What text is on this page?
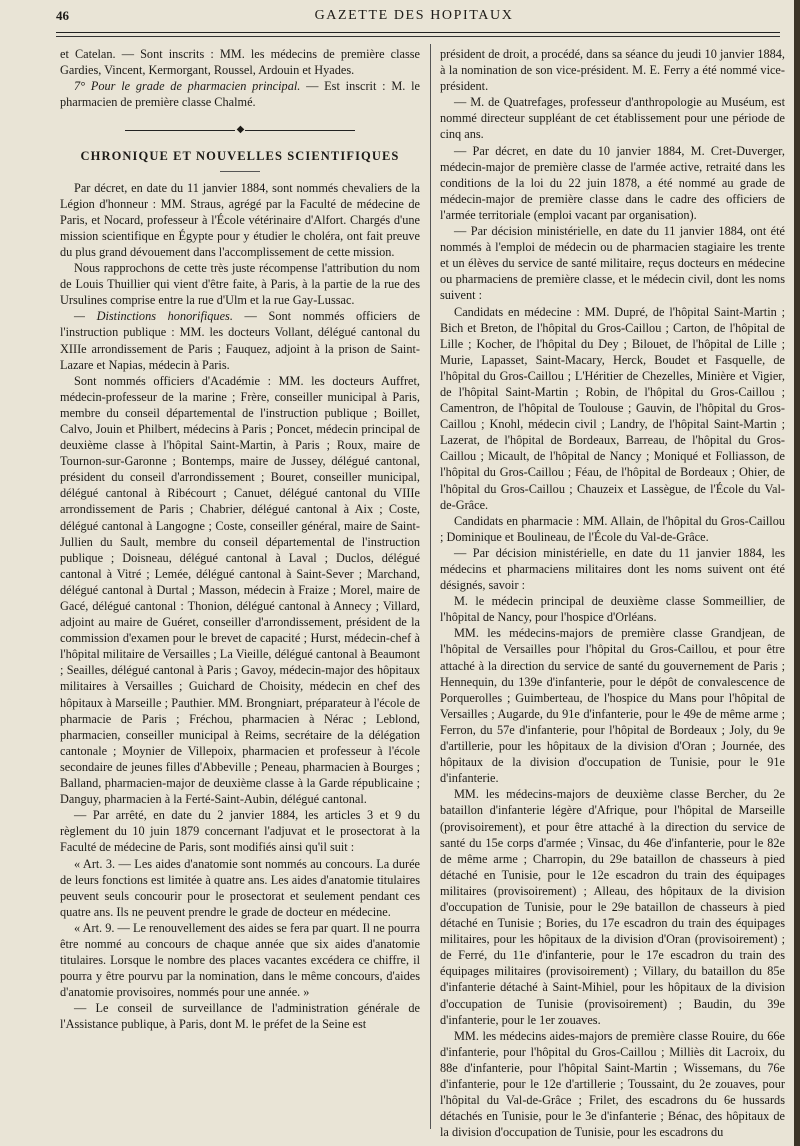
46	GAZETTE DES HOPITAUX

et Catelan. — Sont inscrits : MM. les médecins de première classe Gardies, Vincent, Kermorgant, Roussel, Ardouin et Hyades.

7° Pour le grade de pharmacien principal. — Est inscrit : M. le pharmacien de première classe Chalmé.

◆
CHRONIQUE ET NOUVELLES SCIENTIFIQUES

Par décret, en date du 11 janvier 1884, sont nommés chevaliers de la Légion d'honneur : MM. Straus, agrégé par la Faculté de médecine de Paris, et Nocard, professeur à l'École vétérinaire d'Alfort. Chargés d'une mission scientifique en Égypte pour y étudier le choléra, ont fait preuve du plus grand dévouement dans l'accomplissement de cette mission.

Nous rapprochons de cette très juste récompense l'attribution du nom de Louis Thuillier qui vient d'être faite, à Paris, à la partie de la rue des Ursulines comprise entre la rue d'Ulm et la rue Gay-Lussac.

— Distinctions honorifiques. — Sont nommés officiers de l'instruction publique : MM. les docteurs Vollant, délégué cantonal du XIIIe arrondissement de Paris ; Fauquez, adjoint à la prison de Saint-Lazare et Napias, médecin à Paris.

Sont nommés officiers d'Académie : MM. les docteurs Auffret, médecin-professeur de la marine ; Frère, conseiller municipal à Paris, membre du conseil départemental de l'instruction publique ; Boillet, Calvo, Jouin et Philbert, médecins à Paris ; Poncet, médecin principal de deuxième classe à l'hôpital Saint-Martin, à Paris ; Roux, maire de Tournon-sur-Garonne ; Bontemps, maire de Jussey, délégué cantonal, président du conseil d'arrondissement ; Bouret, conseiller municipal, délégué cantonal à Ribécourt ; Canuet, délégué cantonal du VIIIe arrondissement de Paris ; Chabrier, délégué cantonal à Aix ; Coste, délégué cantonal à Langogne ; Coste, conseiller général, maire de Saint-Jullien du Sault, membre du conseil départemental de l'instruction publique ; Doisneau, délégué cantonal à Laval ; Duclos, délégué cantonal à Vitré ; Lemée, délégué cantonal à Saint-Sever ; Marchand, délégué cantonal à Durtal ; Masson, médecin à Fraize ; Morel, maire de Gacé, délégué cantonal : Thonion, délégué cantonal à Annecy ; Villard, adjoint au maire de Guéret, conseiller d'arrondissement, président de la commission d'examen pour le brevet de capacité ; Hurst, médecin-chef à l'hôpital militaire de Versailles ; La Vieille, délégué cantonal à Beaumont ; Seailles, délégué cantonal à Paris ; Gavoy, médecin-major des hôpitaux militaires à Versailles ; Guichard de Choisity, médecin en chef des hôpitaux à Marseille ; Pauthier. MM. Brongniart, préparateur à l'école de pharmacie de Paris ; Fréchou, pharmacien à Nérac ; Leblond, pharmacien, conseiller municipal à Reims, secrétaire de la délégation cantonale ; Moynier de Villepoix, pharmacien et professeur à l'école secondaire de jeunes filles d'Abbeville ; Peneau, pharmacien à Bourges ; Balland, pharmacien-major de deuxième classe à la Garde républicaine ; Danguy, pharmacien à la Ferté-Saint-Aubin, délégué cantonal.

— Par arrêté, en date du 2 janvier 1884, les articles 3 et 9 du règlement du 10 juin 1879 concernant l'adjuvat et le prosectorat à la Faculté de médecine de Paris, sont modifiés ainsi qu'il suit :

« Art. 3. — Les aides d'anatomie sont nommés au concours. La durée de leurs fonctions est limitée à quatre ans. Les aides d'anatomie titulaires peuvent seuls concourir pour le prosectorat et seulement pendant ces quatre ans. Ils ne peuvent prendre le grade de docteur en médecine.

« Art. 9. — Le renouvellement des aides se fera par quart. Il ne pourra être nommé au concours de chaque année que six aides d'anatomie titulaires. Lorsque le nombre des places vacantes excédera ce chiffre, il pourra y être pourvu par la nomination, dans le même concours, d'aides d'anatomie provisoires, nommés pour une année. »

— Le conseil de surveillance de l'administration générale de l'Assistance publique, à Paris, dont M. le préfet de la Seine est

président de droit, a procédé, dans sa séance du jeudi 10 janvier 1884, à la nomination de son vice-président. M. E. Ferry a été nommé vice-président.

— M. de Quatrefages, professeur d'anthropologie au Muséum, est nommé directeur suppléant de cet établissement pour une période de cinq ans.

— Par décret, en date du 10 janvier 1884, M. Cret-Duverger, médecin-major de première classe de l'armée active, retraité dans les conditions de la loi du 22 juin 1878, a été nommé au grade de médecin-major de première classe dans le cadre des officiers de l'armée territoriale (emploi vacant par organisation).

— Par décision ministérielle, en date du 11 janvier 1884, ont été nommés à l'emploi de médecin ou de pharmacien stagiaire les trente et un élèves du service de santé militaire, reçus docteurs en médecine ou pharmaciens de première classe, et le médecin civil, dont les noms suivent :

Candidats en médecine : MM. Dupré, de l'hôpital Saint-Martin ; Bich et Breton, de l'hôpital du Gros-Caillou ; Carton, de l'hôpital de Lille ; Kocher, de l'hôpital du Dey ; Bilouet, de l'hôpital de Lille ; Murie, Lapasset, Saint-Macary, Herck, Boudet et Fasquelle, de l'hôpital du Gros-Caillou ; L'Héritier de Chezelles, Minière et Vigier, de l'hôpital Saint-Martin ; Robin, de l'hôpital du Gros-Caillou ; Camentron, de l'hôpital de Toulouse ; Gauvin, de l'hôpital du Gros-Caillou ; Knohl, médecin civil ; Landry, de l'hôpital Saint-Martin ; Lazerat, de l'hôpital de Bordeaux, Barreau, de l'hôpital du Gros-Caillou ; Micault, de l'hôpital de Nancy ; Moniqué et Folliasson, de l'hôpital du Gros-Caillou ; Féau, de l'hôpital de Bordeaux ; Ohier, de l'hôpital du Gros-Caillou ; Chauzeix et Lassègue, de l'École du Val-de-Grâce.

Candidats en pharmacie : MM. Allain, de l'hôpital du Gros-Caillou ; Dominique et Boulineau, de l'École du Val-de-Grâce.

— Par décision ministérielle, en date du 11 janvier 1884, les médecins et pharmaciens militaires dont les noms suivent ont été désignés, savoir :

M. le médecin principal de deuxième classe Sommeillier, de l'hôpital de Nancy, pour l'hospice d'Orléans.

MM. les médecins-majors de première classe Grandjean, de l'hôpital de Versailles pour l'hôpital du Gros-Caillou, et pour être attaché à la direction du service de santé du gouvernement de Paris ; Hennequin, du 139e d'infanterie, pour le dépôt de convalescence de Porquerolles ; Guimberteau, de l'hospice du Mans pour l'hôpital de Versailles ; Augarde, du 91e d'infanterie, pour le 49e de même arme ; Ferron, du 57e d'infanterie, pour l'hôpital de Bordeaux ; Joly, du 9e d'artillerie, pour les hôpitaux de la division d'Oran ; Journée, des hôpitaux de la division d'occupation de Tunisie, pour le 91e d'infanterie.

MM. les médecins-majors de deuxième classe Bercher, du 2e bataillon d'infanterie légère d'Afrique, pour l'hôpital de Marseille (provisoirement), et pour être attaché à la direction du service de santé du 15e corps d'armée ; Vinsac, du 46e d'infanterie, pour le 82e de même arme ; Charropin, du 29e bataillon de chasseurs à pied détaché en Tunisie, pour le 12e escadron du train des équipages militaires (provisoirement) ; Alleau, des hôpitaux de la division d'occupation de Tunisie, pour le 29e bataillon de chasseurs à pied détaché en Tunisie ; Bories, du 17e escadron du train des équipages militaires, pour les hôpitaux de la division d'Oran (provisoirement) ; de Ferré, du 11e d'infanterie, pour le 17e escadron du train des équipages militaires (provisoirement) ; Villary, du bataillon du 85e d'infanterie détaché à Saint-Mihiel, pour les hôpitaux de la division d'occupation de Tunisie (provisoirement) ; Baudin, du 39e d'infanterie, pour le 1er zouaves.

MM. les médecins aides-majors de première classe Rouire, du 66e d'infanterie, pour l'hôpital du Gros-Caillou ; Milliès dit Lacroix, du 88e d'infanterie, pour l'hôpital Saint-Martin ; Wissemans, du 76e d'infanterie, pour le 12e d'artillerie ; Toussaint, du 2e zouaves, pour l'hôpital du Val-de-Grâce ; Frilet, des escadrons du 6e hussards détachés en Tunisie, pour le 3e d'infanterie ; Bénac, des hôpitaux de la division d'occupation de Tunisie, pour les escadrons du
